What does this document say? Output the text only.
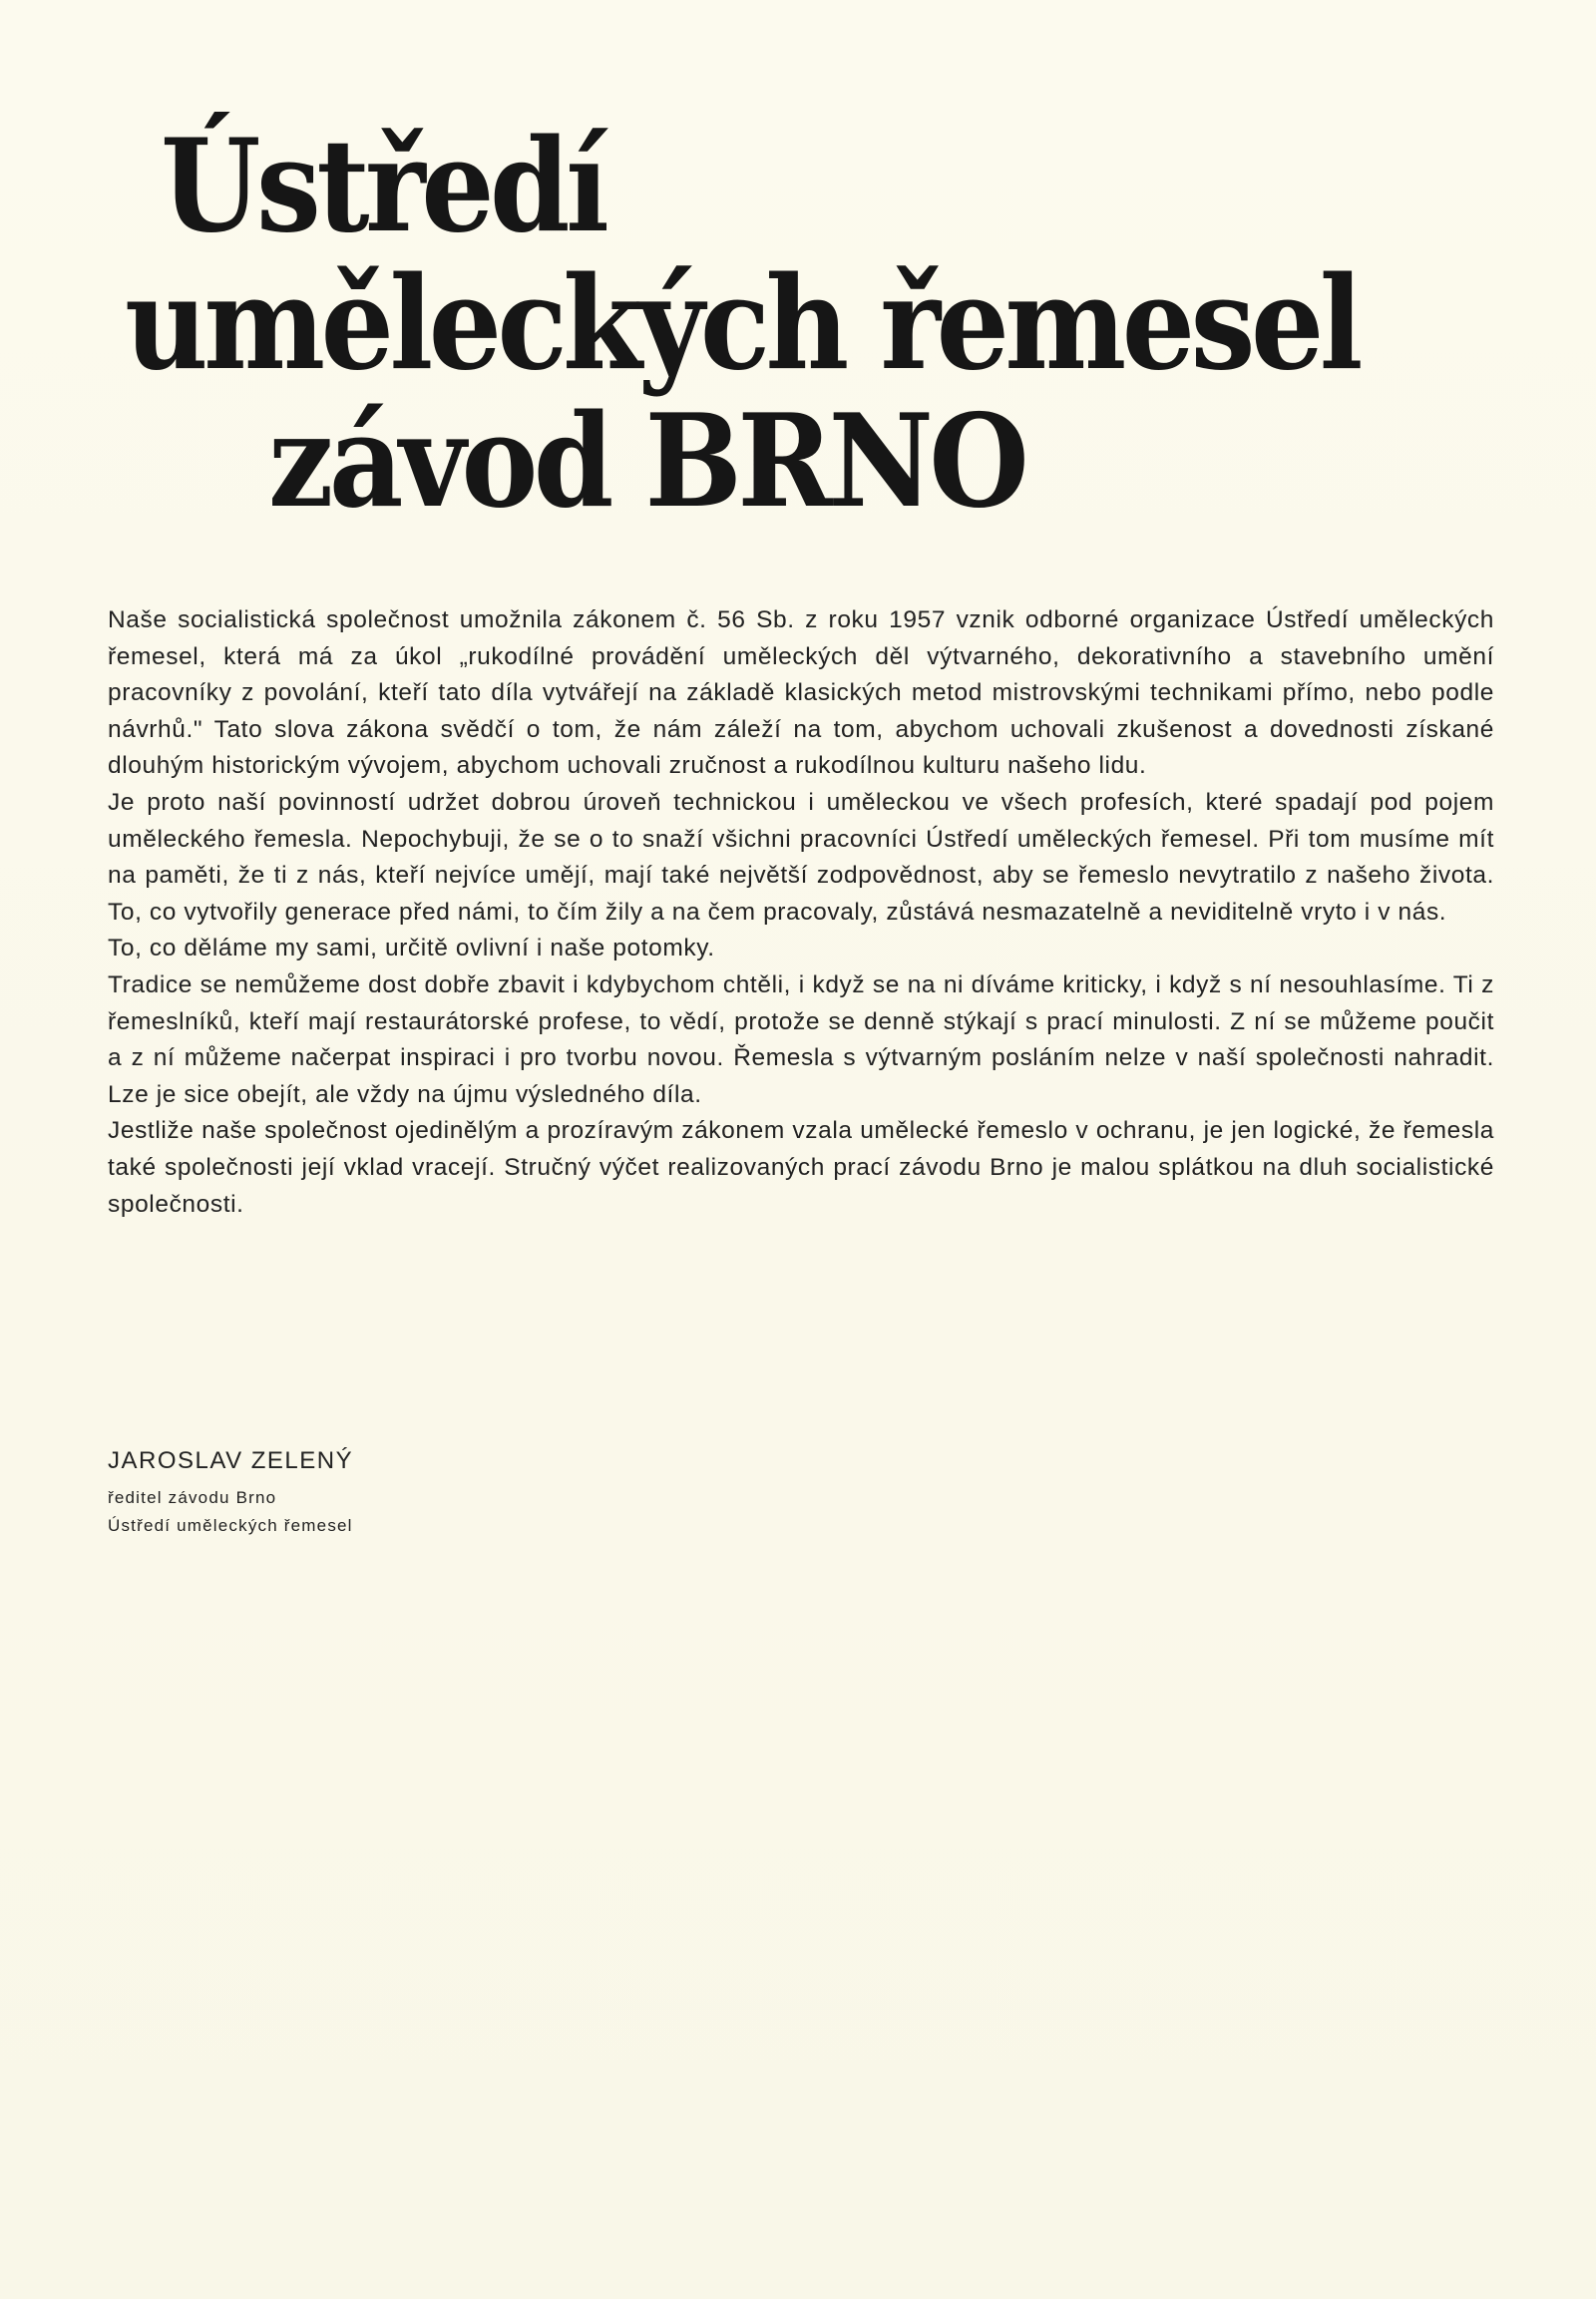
Ústředí
uměleckých řemesel
závod BRNO

Naše socialistická společnost umožnila zákonem č. 56 Sb. z roku 1957 vznik odborné organizace Ústředí uměleckých řemesel, která má za úkol „rukodílné provádění uměleckých děl výtvarného, dekorativního a stavebního umění pracovníky z povolání, kteří tato díla vytvářejí na základě klasických metod mistrovskými technikami přímo, nebo podle návrhů." Tato slova zákona svědčí o tom, že nám záleží na tom, abychom uchovali zkušenost a dovednosti získané dlouhým historickým vývojem, abychom uchovali zručnost a rukodílnou kulturu našeho lidu.

Je proto naší povinností udržet dobrou úroveň technickou i uměleckou ve všech profesích, které spadají pod pojem uměleckého řemesla. Nepochybuji, že se o to snaží všichni pracovníci Ústředí uměleckých řemesel. Při tom musíme mít na paměti, že ti z nás, kteří nejvíce umějí, mají také největší zodpovědnost, aby se řemeslo nevytratilo z našeho života. To, co vytvořily generace před námi, to čím žily a na čem pracovaly, zůstává nesmazatelně a neviditelně vryto i v nás.

To, co děláme my sami, určitě ovlivní i naše potomky.

Tradice se nemůžeme dost dobře zbavit i kdybychom chtěli, i když se na ni díváme kriticky, i když s ní nesouhlasíme. Ti z řemeslníků, kteří mají restaurátorské profese, to vědí, protože se denně stýkají s prací minulosti. Z ní se můžeme poučit a z ní můžeme načerpat inspiraci i pro tvorbu novou. Řemesla s výtvarným posláním nelze v naší společnosti nahradit. Lze je sice obejít, ale vždy na újmu výsledného díla.

Jestliže naše společnost ojedinělým a prozíravým zákonem vzala umělecké řemeslo v ochranu, je jen logické, že řemesla také společnosti její vklad vracejí. Stručný výčet realizovaných prací závodu Brno je malou splátkou na dluh socialistické společnosti.

JAROSLAV ZELENÝ

ředitel závodu Brno

Ústředí uměleckých řemesel
